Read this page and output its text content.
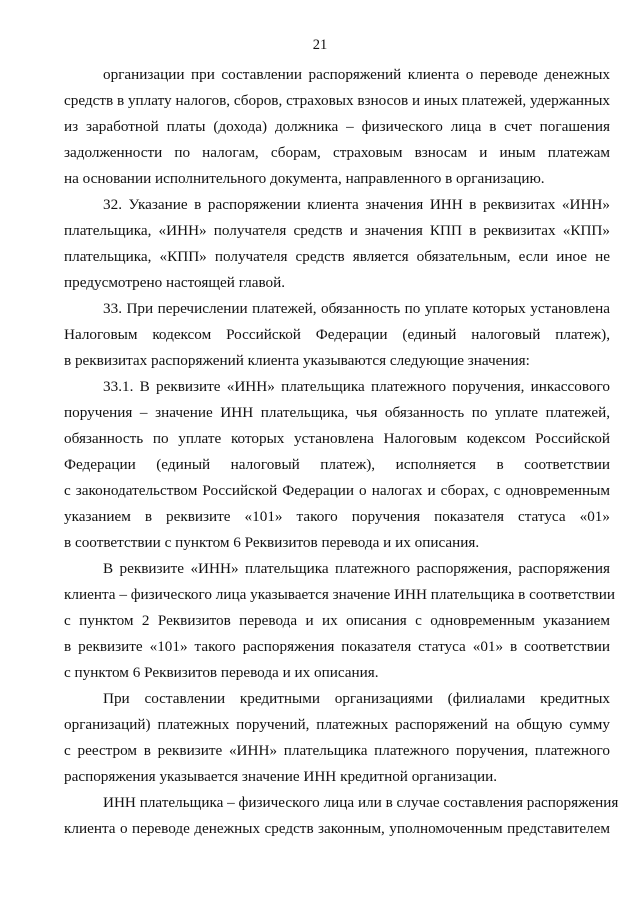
21
организации при составлении распоряжений клиента о переводе денежных
средств в уплату налогов, сборов, страховых взносов и иных платежей, удержанных
из заработной платы (дохода) должника – физического лица в счет погашения
задолженности по налогам, сборам, страховым взносам и иным платежам
на основании исполнительного документа, направленного в организацию.
32. Указание в распоряжении клиента значения ИНН в реквизитах «ИНН»
плательщика, «ИНН» получателя средств и значения КПП в реквизитах «КПП»
плательщика, «КПП» получателя средств является обязательным, если иное не
предусмотрено настоящей главой.
33. При перечислении платежей, обязанность по уплате которых установлена
Налоговым кодексом Российской Федерации (единый налоговый платеж),
в реквизитах распоряжений клиента указываются следующие значения:
33.1. В реквизите «ИНН» плательщика платежного поручения, инкассового
поручения – значение ИНН плательщика, чья обязанность по уплате платежей,
обязанность по уплате которых установлена Налоговым кодексом Российской
Федерации (единый налоговый платеж), исполняется в соответствии
с законодательством Российской Федерации о налогах и сборах, с одновременным
указанием в реквизите «101» такого поручения показателя статуса «01»
в соответствии с пунктом 6 Реквизитов перевода и их описания.
В реквизите «ИНН» плательщика платежного распоряжения, распоряжения
клиента – физического лица указывается значение ИНН плательщика в соответствии
с пунктом 2 Реквизитов перевода и их описания с одновременным указанием
в реквизите «101» такого распоряжения показателя статуса «01» в соответствии
с пунктом 6 Реквизитов перевода и их описания.
При составлении кредитными организациями (филиалами кредитных
организаций) платежных поручений, платежных распоряжений на общую сумму
с реестром в реквизите «ИНН» плательщика платежного поручения, платежного
распоряжения указывается значение ИНН кредитной организации.
ИНН плательщика – физического лица или в случае составления распоряжения
клиента о переводе денежных средств законным, уполномоченным представителем
